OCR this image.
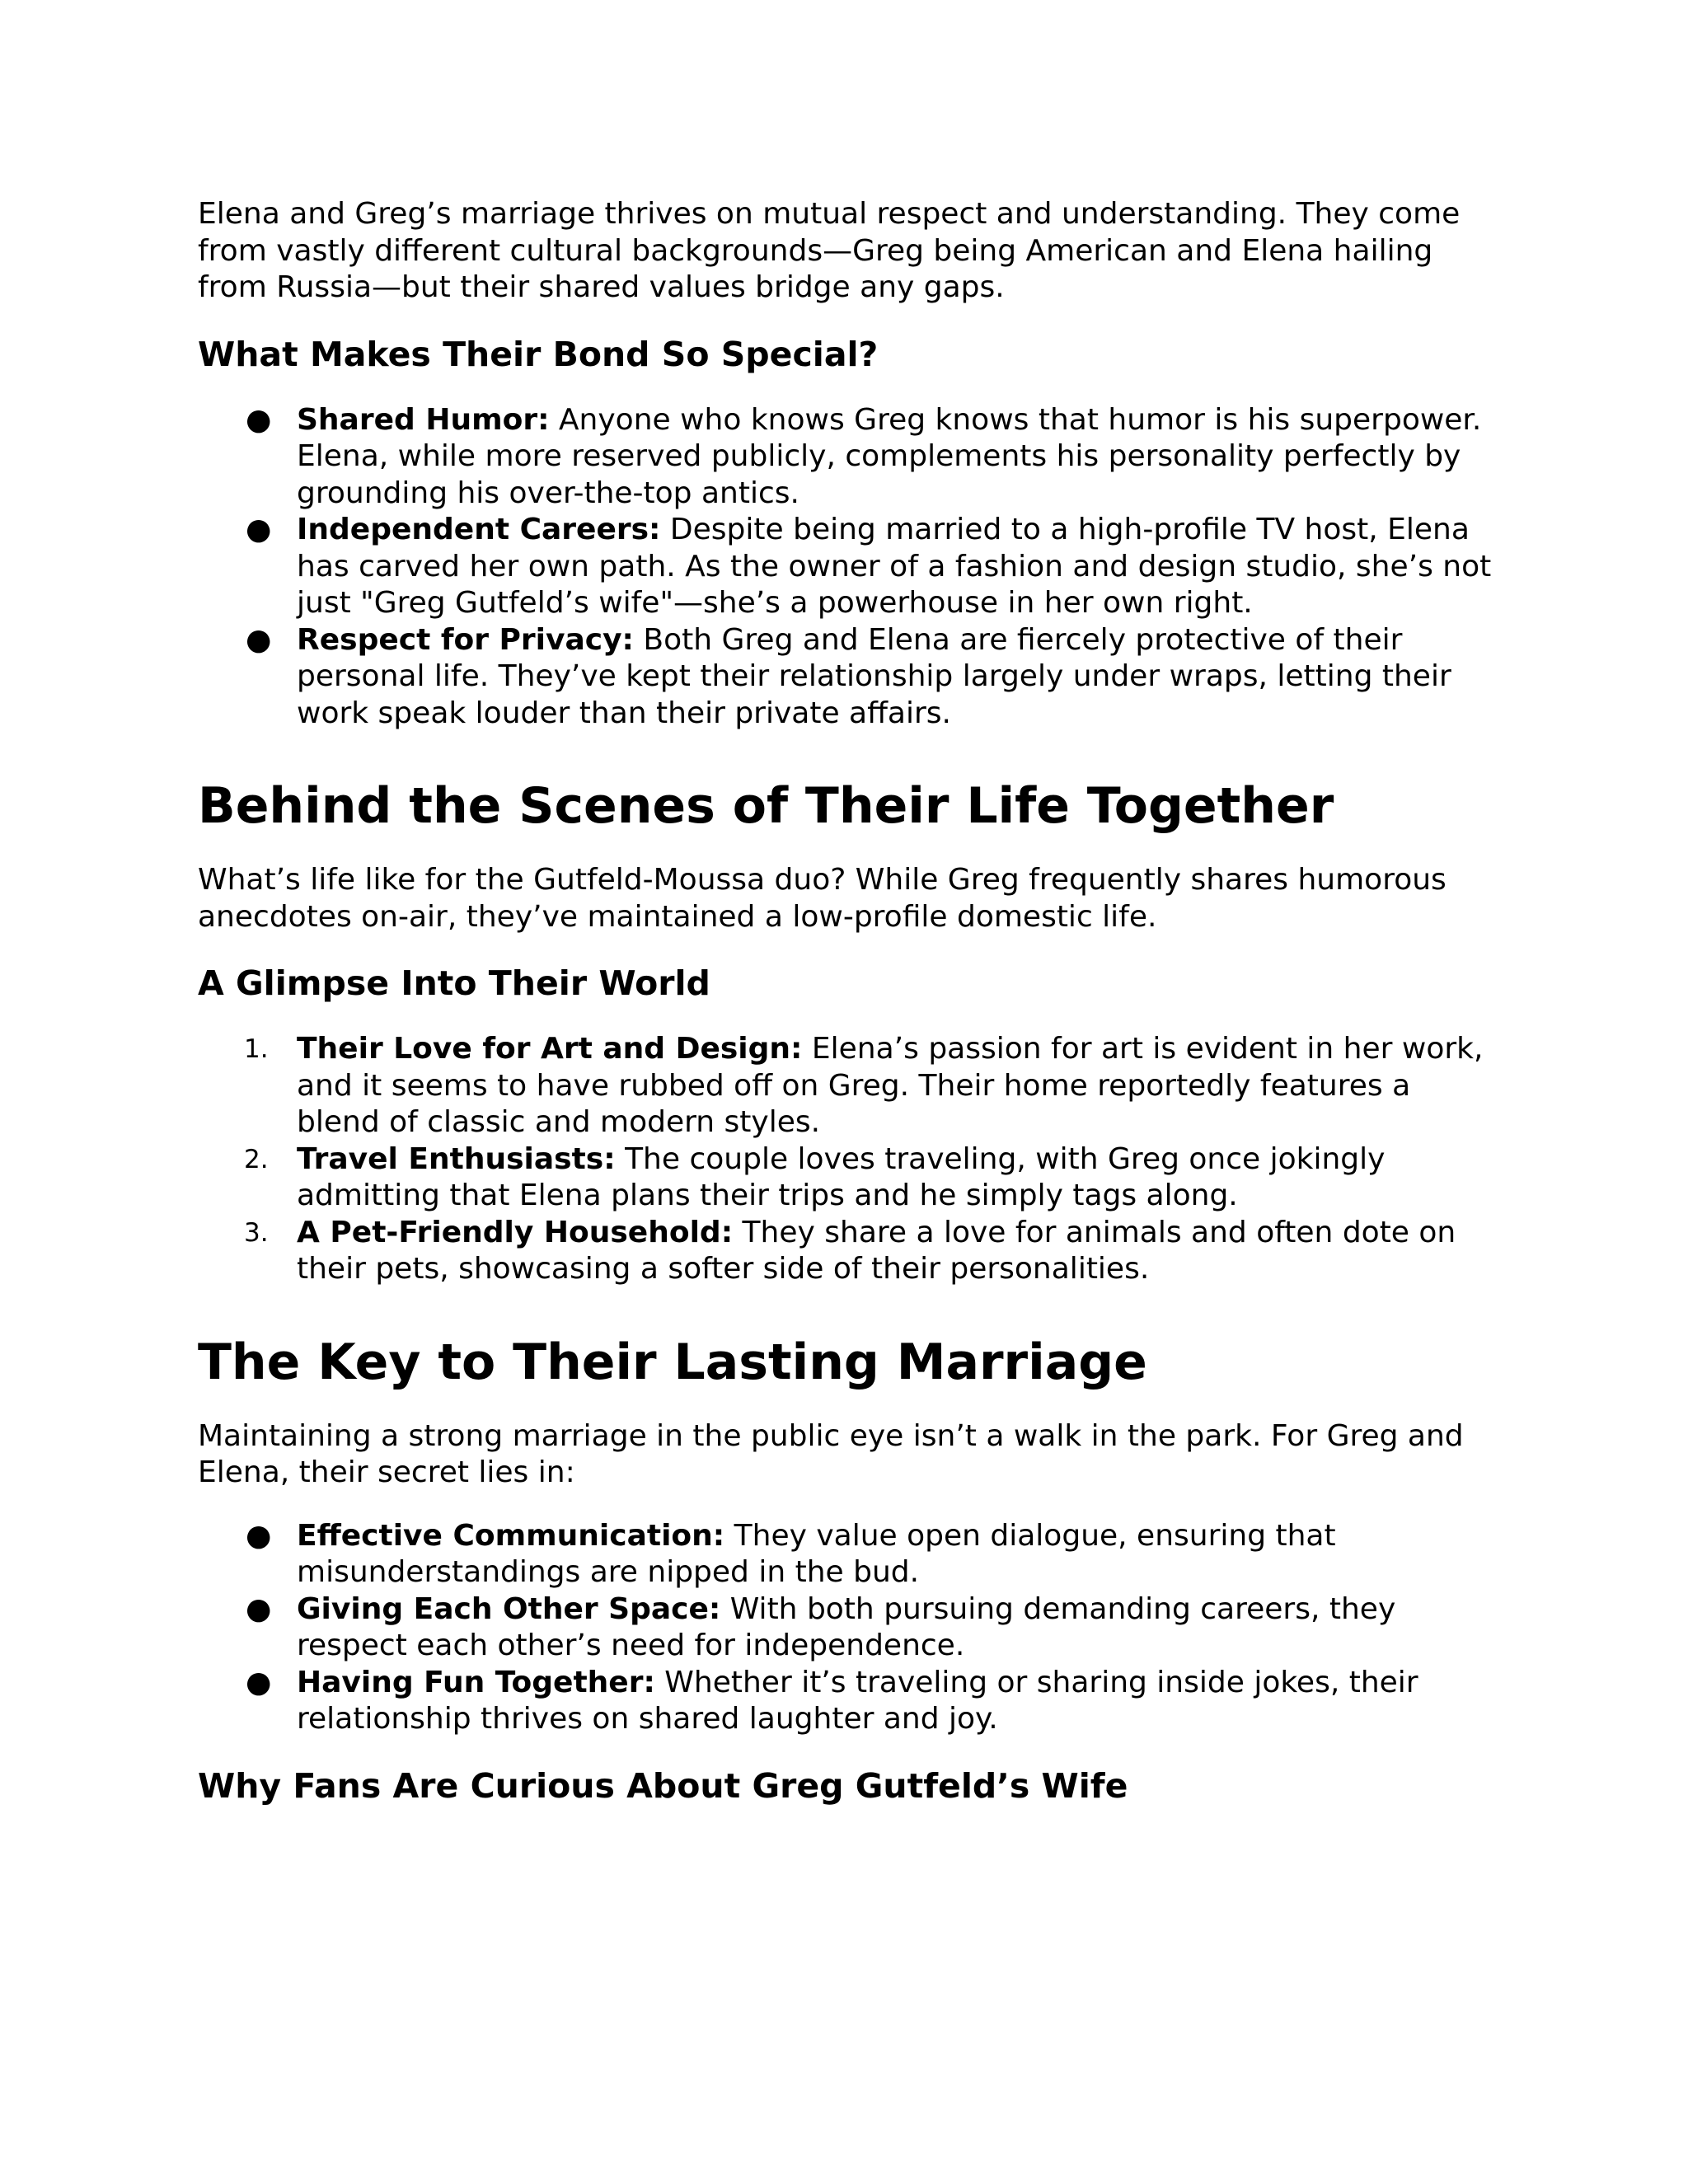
Elena and Greg’s marriage thrives on mutual respect and understanding. They come from vastly different cultural backgrounds—Greg being American and Elena hailing from Russia—but their shared values bridge any gaps.

What Makes Their Bond So Special?
● Shared Humor: Anyone who knows Greg knows that humor is his superpower. Elena, while more reserved publicly, complements his personality perfectly by grounding his over-the-top antics.
● Independent Careers: Despite being married to a high-profile TV host, Elena has carved her own path. As the owner of a fashion and design studio, she’s not just "Greg Gutfeld’s wife"—she’s a powerhouse in her own right.
● Respect for Privacy: Both Greg and Elena are fiercely protective of their personal life. They’ve kept their relationship largely under wraps, letting their work speak louder than their private affairs.
Behind the Scenes of Their Life Together

What’s life like for the Gutfeld-Moussa duo? While Greg frequently shares humorous anecdotes on-air, they’ve maintained a low-profile domestic life.

A Glimpse Into Their World
1. Their Love for Art and Design: Elena’s passion for art is evident in her work, and it seems to have rubbed off on Greg. Their home reportedly features a blend of classic and modern styles.
2. Travel Enthusiasts: The couple loves traveling, with Greg once jokingly admitting that Elena plans their trips and he simply tags along.
3. A Pet-Friendly Household: They share a love for animals and often dote on their pets, showcasing a softer side of their personalities.
The Key to Their Lasting Marriage

Maintaining a strong marriage in the public eye isn’t a walk in the park. For Greg and Elena, their secret lies in:

● Effective Communication: They value open dialogue, ensuring that misunderstandings are nipped in the bud.
● Giving Each Other Space: With both pursuing demanding careers, they respect each other’s need for independence.
● Having Fun Together: Whether it’s traveling or sharing inside jokes, their relationship thrives on shared laughter and joy.
Why Fans Are Curious About Greg Gutfeld’s Wife
